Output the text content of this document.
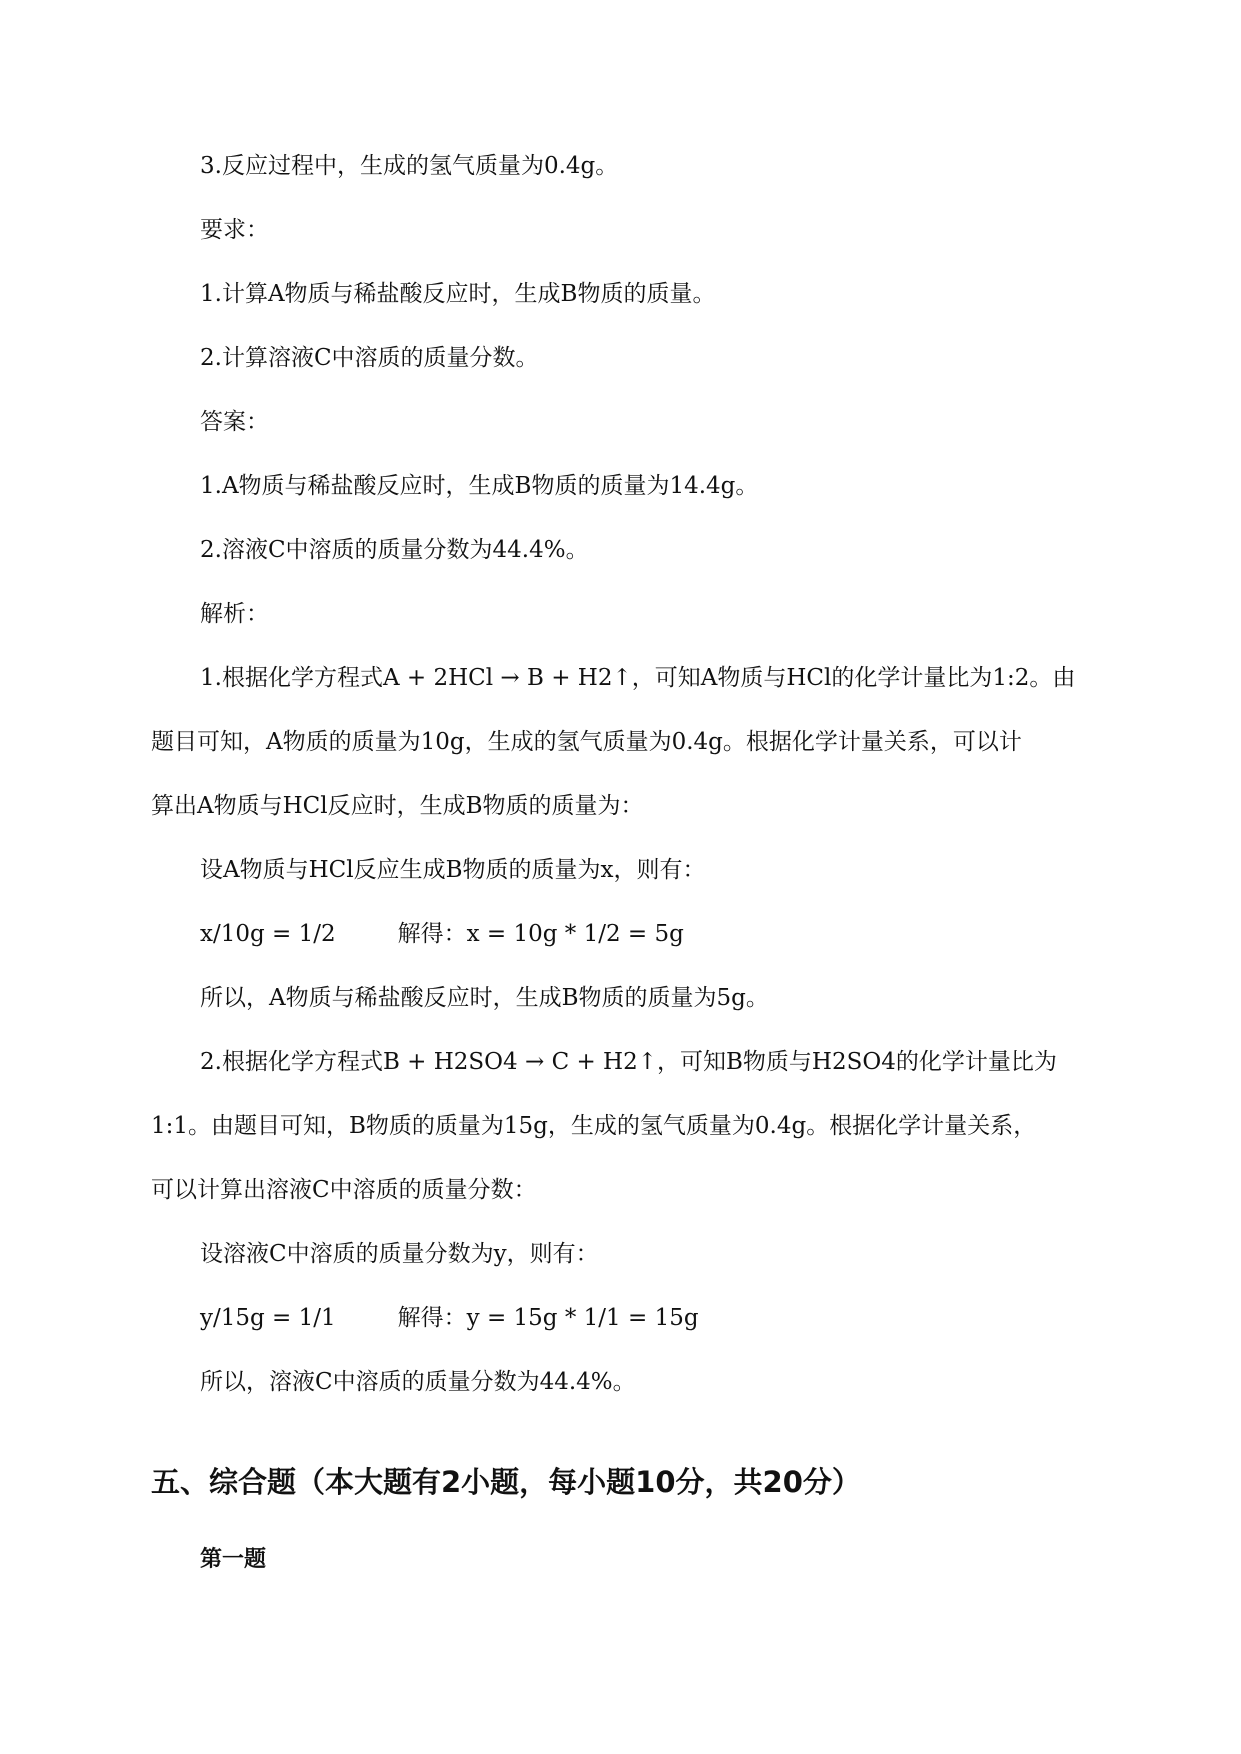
3.反应过程中，生成的氢气质量为0.4g。

要求：

1.计算A物质与稀盐酸反应时，生成B物质的质量。

2.计算溶液C中溶质的质量分数。

答案：

1.A物质与稀盐酸反应时，生成B物质的质量为14.4g。

2.溶液C中溶质的质量分数为44.4%。

解析：

1.根据化学方程式A + 2HCl → B + H2↑，可知A物质与HCl的化学计量比为1:2。由

题目可知，A物质的质量为10g，生成的氢气质量为0.4g。根据化学计量关系，可以计

算出A物质与HCl反应时，生成B物质的质量为：

设A物质与HCl反应生成B物质的质量为x，则有：

x/10g = 1/2	解得：x = 10g * 1/2 = 5g

所以，A物质与稀盐酸反应时，生成B物质的质量为5g。

2.根据化学方程式B + H2SO4 → C + H2↑，可知B物质与H2SO4的化学计量比为

1:1。由题目可知，B物质的质量为15g，生成的氢气质量为0.4g。根据化学计量关系，

可以计算出溶液C中溶质的质量分数：

设溶液C中溶质的质量分数为y，则有：

y/15g = 1/1	解得：y = 15g * 1/1 = 15g

所以，溶液C中溶质的质量分数为44.4%。

五、综合题（本大题有2小题，每小题10分，共20分）
第一题
